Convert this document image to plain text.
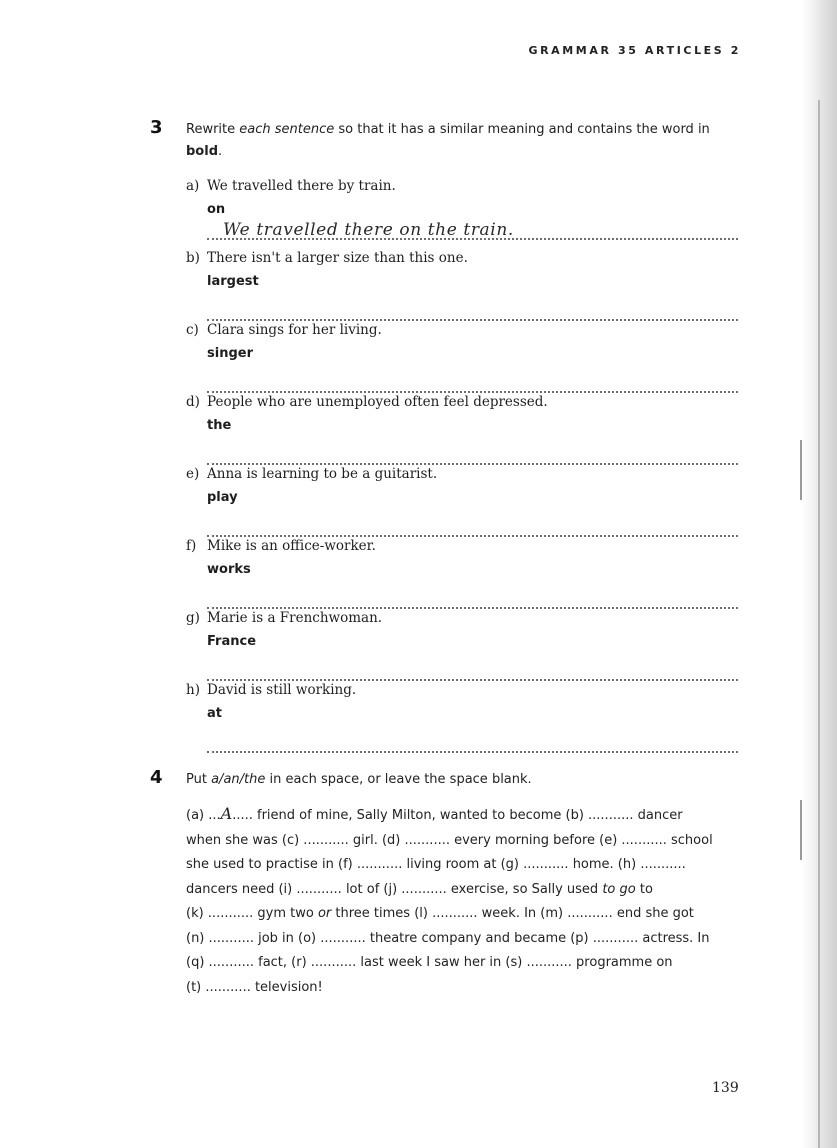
GRAMMAR 35 ARTICLES 2
3 Rewrite each sentence so that it has a similar meaning and contains the word in bold.
a) We travelled there by train.
on
We travelled there on the train.
b) There isn't a larger size than this one.
largest
c) Clara sings for her living.
singer
d) People who are unemployed often feel depressed.
the
e) Anna is learning to be a guitarist.
play
f) Mike is an office-worker.
works
g) Marie is a Frenchwoman.
France
h) David is still working.
at
4 Put a/an/the in each space, or leave the space blank.
(a) ...A..... friend of mine, Sally Milton, wanted to become (b) ........... dancer
when she was (c) ........... girl. (d) ........... every morning before (e) ........... school
she used to practise in (f) ........... living room at (g) ........... home. (h) ...........
dancers need (i) ........... lot of (j) ........... exercise, so Sally used to go to
(k) ........... gym two or three times (l) ........... week. In (m) ........... end she got
(n) ........... job in (o) ........... theatre company and became (p) ........... actress. In
(q) ........... fact, (r) ........... last week I saw her in (s) ........... programme on
(t) ........... television!
139
